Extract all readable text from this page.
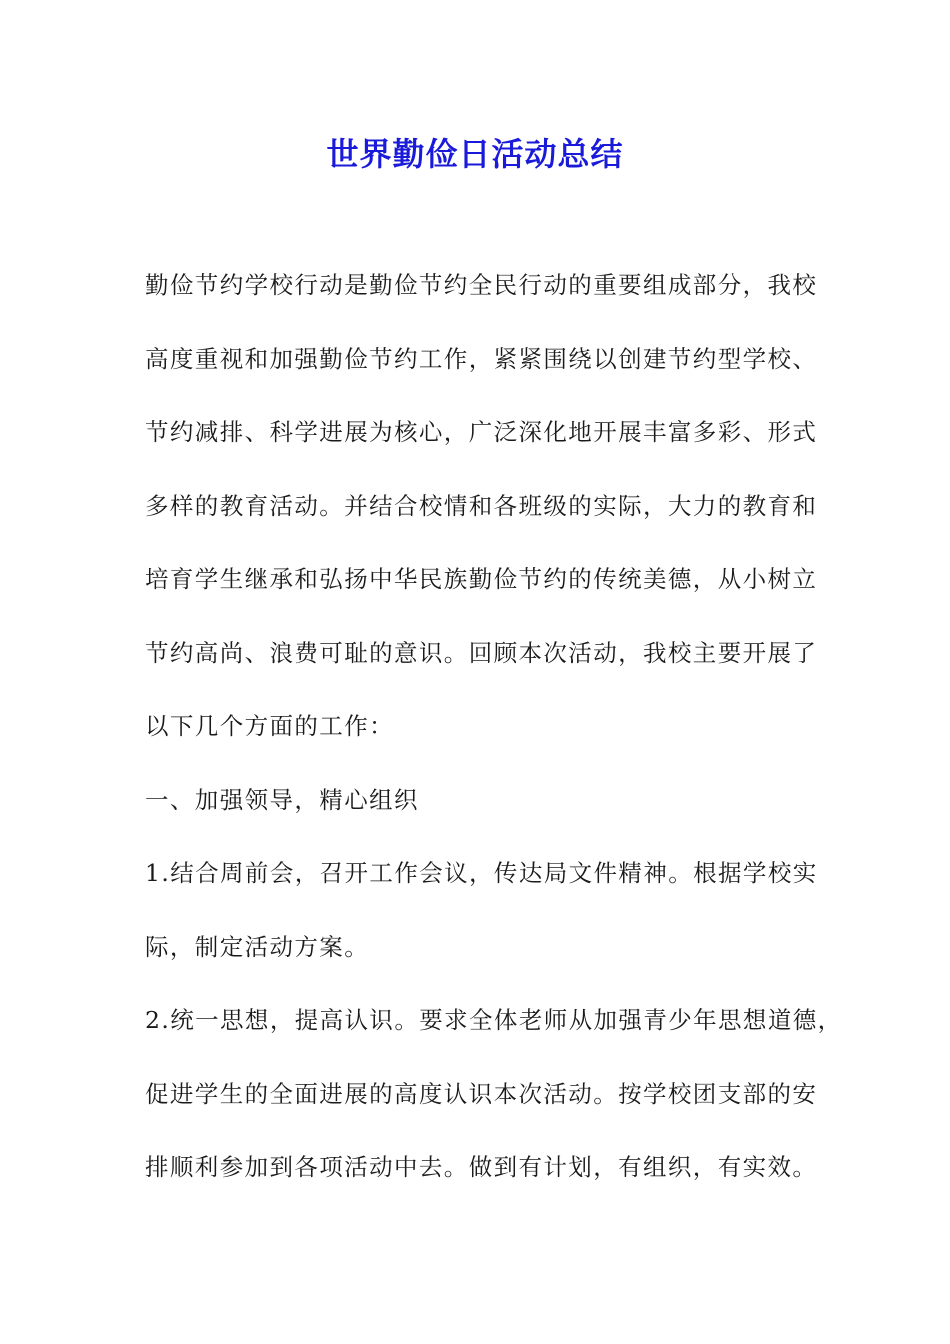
世界勤俭日活动总结
勤俭节约学校行动是勤俭节约全民行动的重要组成部分，我校
高度重视和加强勤俭节约工作，紧紧围绕以创建节约型学校、
节约减排、科学进展为核心，广泛深化地开展丰富多彩、形式
多样的教育活动。并结合校情和各班级的实际，大力的教育和
培育学生继承和弘扬中华民族勤俭节约的传统美德，从小树立
节约高尚、浪费可耻的意识。回顾本次活动，我校主要开展了
以下几个方面的工作：
一、加强领导，精心组织
1.结合周前会，召开工作会议，传达局文件精神。根据学校实
际，制定活动方案。
2.统一思想，提高认识。要求全体老师从加强青少年思想道德，
促进学生的全面进展的高度认识本次活动。按学校团支部的安
排顺利参加到各项活动中去。做到有计划，有组织，有实效。
